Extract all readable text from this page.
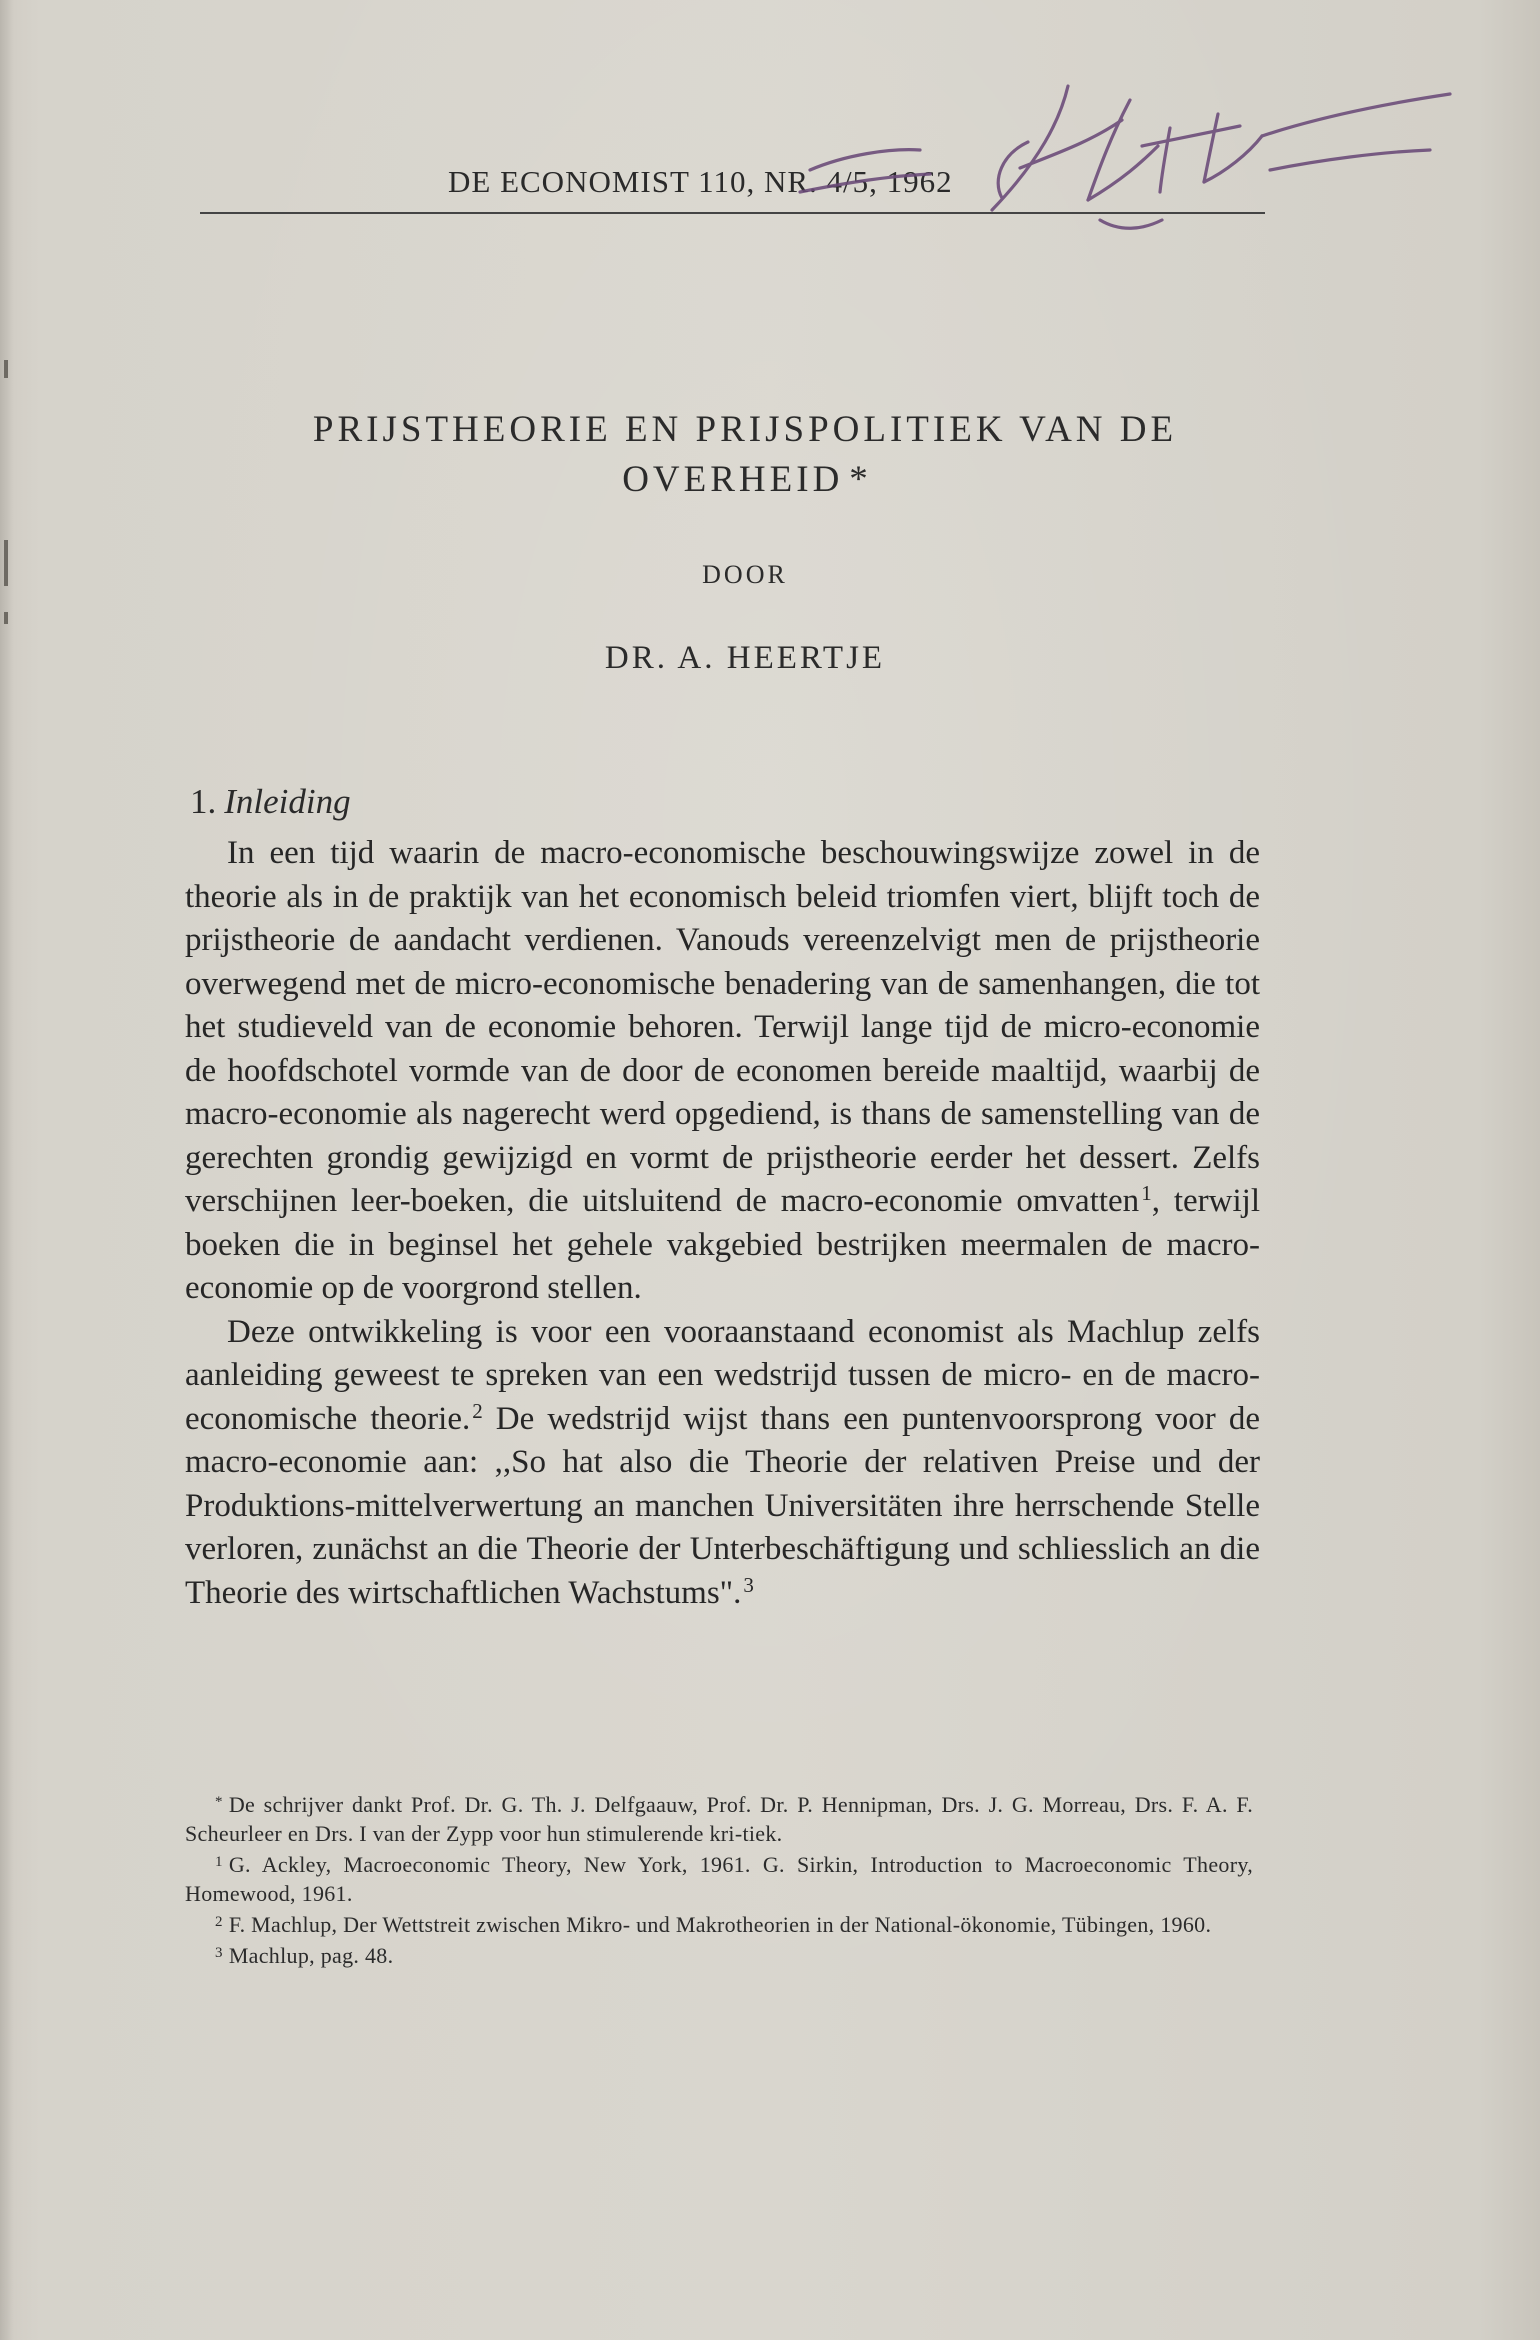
DE ECONOMIST 110, NR. 4/5, 1962
PRIJSTHEORIE EN PRIJSPOLITIEK VAN DE
OVERHEID *
DOOR
DR. A. HEERTJE
1. Inleiding

In een tijd waarin de macro-economische beschouwingswijze zowel in de theorie als in de praktijk van het economisch beleid triomfen viert, blijft toch de prijstheorie de aandacht verdienen. Vanouds vereenzelvigt men de prijstheorie overwegend met de micro-economische benadering van de samenhangen, die tot het studieveld van de economie behoren. Terwijl lange tijd de micro-economie de hoofdschotel vormde van de door de economen bereide maaltijd, waarbij de macro-economie als nagerecht werd opgediend, is thans de samenstelling van de gerechten grondig gewijzigd en vormt de prijstheorie eerder het dessert. Zelfs verschijnen leer-boeken, die uitsluitend de macro-economie omvatten$^1$, terwijl boeken die in beginsel het gehele vakgebied bestrijken meermalen de macro-economie op de voorgrond stellen.

Deze ontwikkeling is voor een vooraanstaand economist als Machlup zelfs aanleiding geweest te spreken van een wedstrijd tussen de micro- en de macro-economische theorie.$^2$ De wedstrijd wijst thans een puntenvoorsprong voor de macro-economie aan: ,,So hat also die Theorie der relativen Preise und der Produktions-mittelverwertung an manchen Universitäten ihre herrschende Stelle verloren, zunächst an die Theorie der Unterbeschäftigung und schliesslich an die Theorie des wirtschaftlichen Wachstums".$^3$

* De schrijver dankt Prof. Dr. G. Th. J. Delfgaauw, Prof. Dr. P. Hennipman, Drs. J. G. Morreau, Drs. F. A. F. Scheurleer en Drs. I van der Zypp voor hun stimulerende kri-tiek.

$^1$ G. Ackley, Macroeconomic Theory, New York, 1961. G. Sirkin, Introduction to Macroeconomic Theory, Homewood, 1961.

$^2$ F. Machlup, Der Wettstreit zwischen Mikro- und Makrotheorien in der National-ökonomie, Tübingen, 1960.

$^3$ Machlup, pag. 48.
